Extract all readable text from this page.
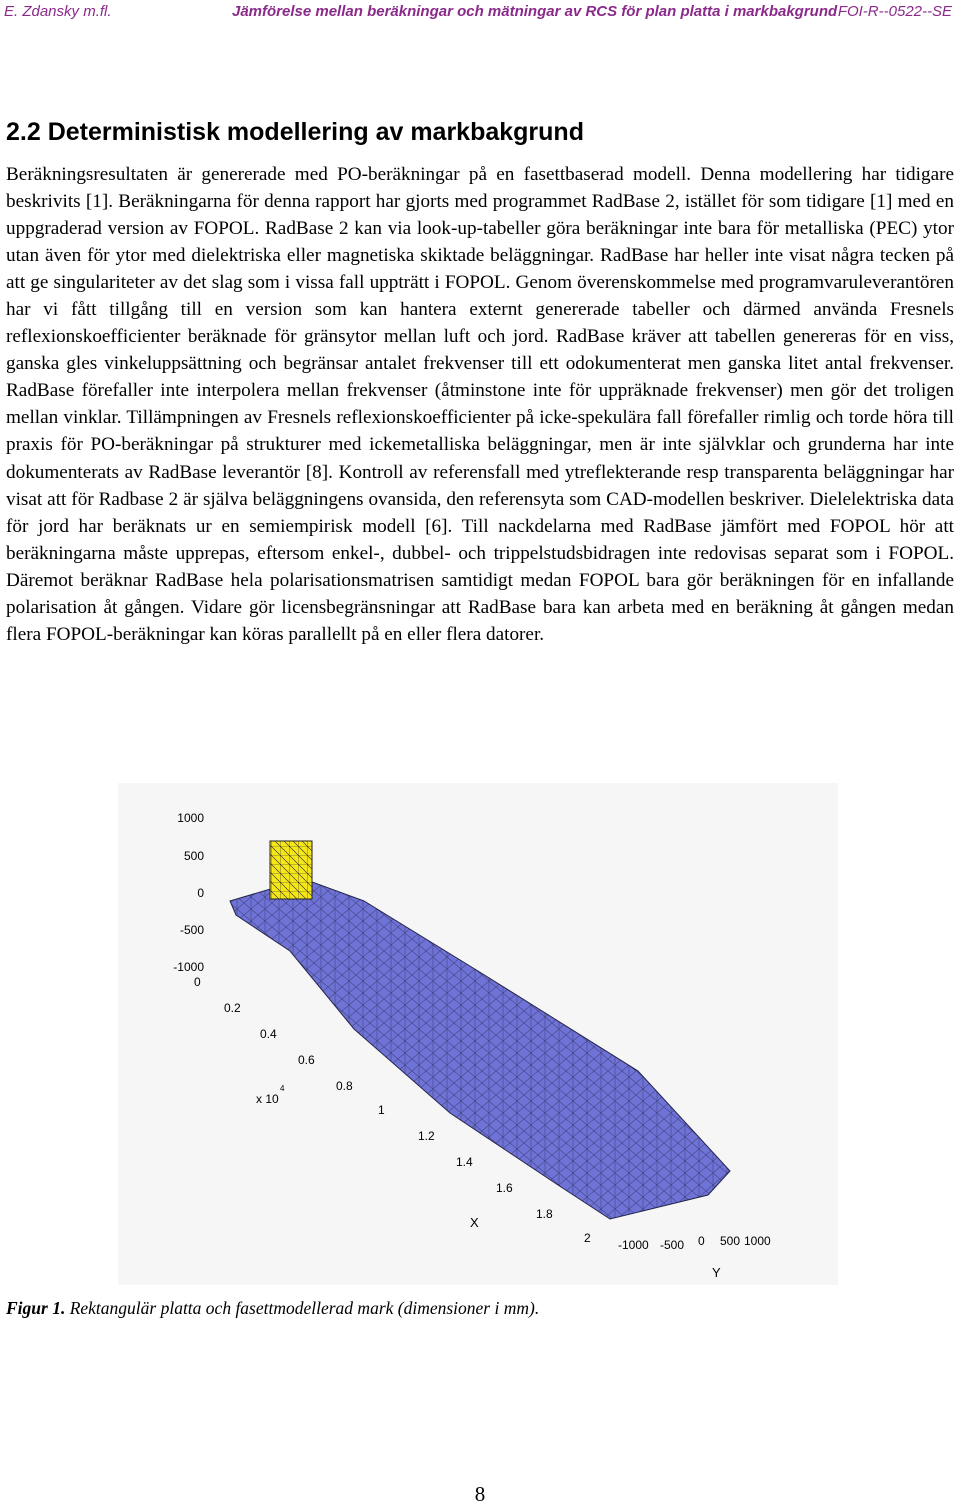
E. Zdansky m.fl.	Jämförelse mellan beräkningar och mätningar av RCS för plan platta i markbakgrund FOI-R--0522--SE
2.2 Deterministisk modellering av markbakgrund

Beräkningsresultaten är genererade med PO-beräkningar på en fasettbaserad modell. Denna modellering har tidigare beskrivits [1]. Beräkningarna för denna rapport har gjorts med programmet RadBase 2, istället för som tidigare [1] med en uppgraderad version av FOPOL. RadBase 2 kan via look-up-tabeller göra beräkningar inte bara för metalliska (PEC) ytor utan även för ytor med dielektriska eller magnetiska skiktade beläggningar. RadBase har heller inte visat några tecken på att ge singulariteter av det slag som i vissa fall uppträtt i FOPOL. Genom överenskommelse med programvaruleverantören har vi fått tillgång till en version som kan hantera externt genererade tabeller och därmed använda Fresnels reflexionskoefficienter beräknade för gränsytor mellan luft och jord. RadBase kräver att tabellen genereras för en viss, ganska gles vinkeluppsättning och begränsar antalet frekvenser till ett odokumenterat men ganska litet antal frekvenser. RadBase förefaller inte interpolera mellan frekvenser (åtminstone inte för uppräknade frekvenser) men gör det troligen mellan vinklar. Tillämpningen av Fresnels reflexionskoefficienter på icke-spekulära fall förefaller rimlig och torde höra till praxis för PO-beräkningar på strukturer med ickemetalliska beläggningar, men är inte självklar och grunderna har inte dokumenterats av RadBase leverantör [8]. Kontroll av referensfall med ytreflekterande resp transparenta beläggningar har visat att för Radbase 2 är själva beläggningens ovansida, den referensyta som CAD-modellen beskriver. Dielelektriska data för jord har beräknats ur en semiempirisk modell [6]. Till nackdelarna med RadBase jämfört med FOPOL hör att beräkningarna måste upprepas, eftersom enkel-, dubbel- och trippelstudsbidragen inte redovisas separat som i FOPOL. Däremot beräknar RadBase hela polarisationsmatrisen samtidigt medan FOPOL bara gör beräkningen för en infallande polarisation åt gången. Vidare gör licensbegränsningar att RadBase bara kan arbeta med en beräkning åt gången medan flera FOPOL-beräkningar kan köras parallellt på en eller flera datorer.

1000
500
0
-500
-1000
0
0.2
0.4
0.6
0.8
1
1.2
1.4
1.6
1.8
2
x 10
4
-1000 -500 0 500 1000
X
Y

Figur 1. Rektangulär platta och fasettmodellerad mark (dimensioner i mm).

8
